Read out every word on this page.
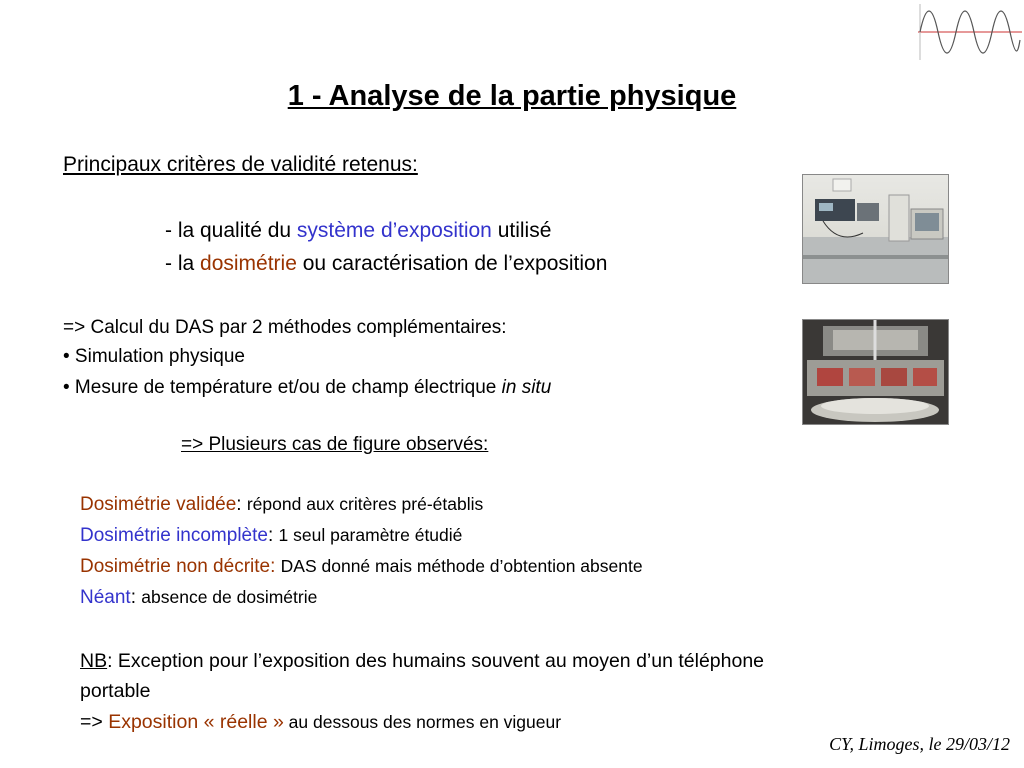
1 - Analyse de la partie physique
Principaux critères de validité retenus:
- la qualité du système d’exposition utilisé
- la dosimétrie ou caractérisation de l’exposition
=> Calcul du DAS par 2 méthodes complémentaires:
• Simulation physique
• Mesure de température et/ou de champ électrique in situ
=> Plusieurs cas de figure observés:
Dosimétrie validée: répond aux critères pré-établis
Dosimétrie incomplète: 1 seul paramètre étudié
Dosimétrie non décrite: DAS donné mais méthode d’obtention absente
Néant: absence de dosimétrie
NB: Exception pour l’exposition des humains souvent au moyen d’un téléphone
portable
=> Exposition « réelle » au dessous des normes en vigueur
CY, Limoges, le 29/03/12
